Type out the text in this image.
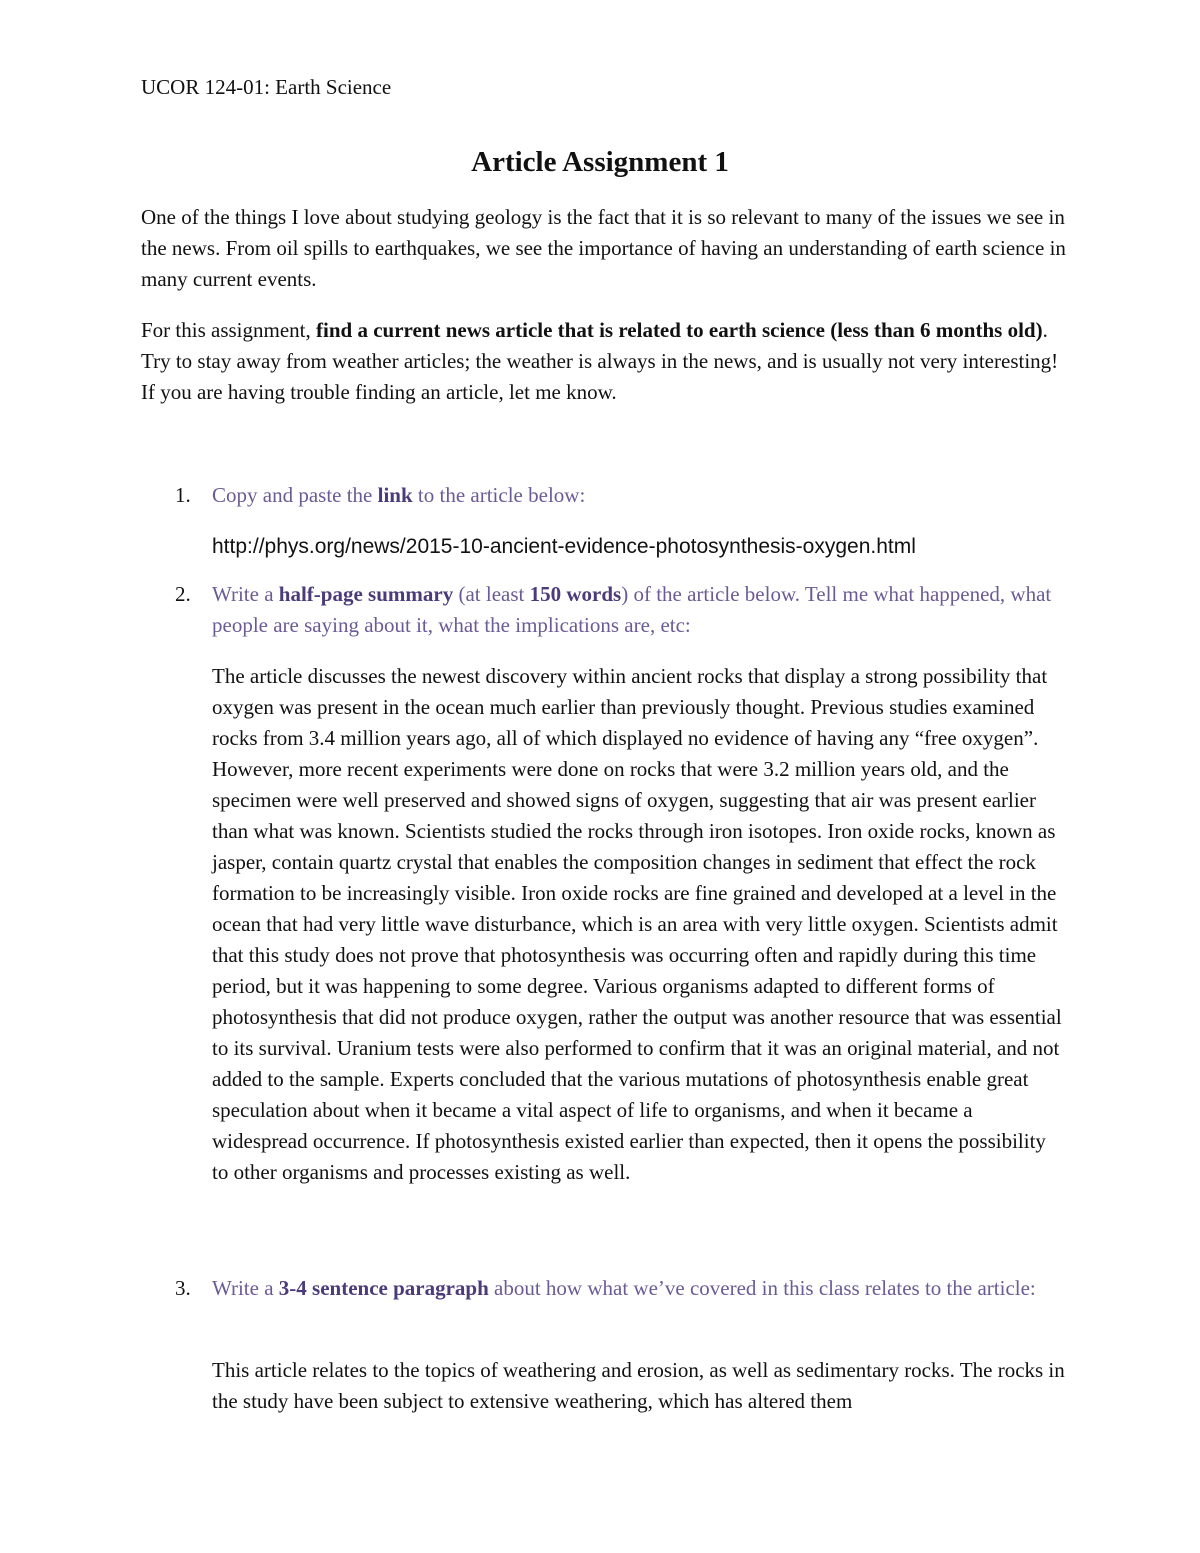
UCOR 124-01: Earth Science
Article Assignment 1
One of the things I love about studying geology is the fact that it is so relevant to many of the issues we see in the news. From oil spills to earthquakes, we see the importance of having an understanding of earth science in many current events.
For this assignment, find a current news article that is related to earth science (less than 6 months old). Try to stay away from weather articles; the weather is always in the news, and is usually not very interesting! If you are having trouble finding an article, let me know.
1. Copy and paste the link to the article below:
http://phys.org/news/2015-10-ancient-evidence-photosynthesis-oxygen.html
2. Write a half-page summary (at least 150 words) of the article below. Tell me what happened, what people are saying about it, what the implications are, etc:
The article discusses the newest discovery within ancient rocks that display a strong possibility that oxygen was present in the ocean much earlier than previously thought. Previous studies examined rocks from 3.4 million years ago, all of which displayed no evidence of having any “free oxygen”. However, more recent experiments were done on rocks that were 3.2 million years old, and the specimen were well preserved and showed signs of oxygen, suggesting that air was present earlier than what was known. Scientists studied the rocks through iron isotopes. Iron oxide rocks, known as jasper, contain quartz crystal that enables the composition changes in sediment that effect the rock formation to be increasingly visible. Iron oxide rocks are fine grained and developed at a level in the ocean that had very little wave disturbance, which is an area with very little oxygen. Scientists admit that this study does not prove that photosynthesis was occurring often and rapidly during this time period, but it was happening to some degree. Various organisms adapted to different forms of photosynthesis that did not produce oxygen, rather the output was another resource that was essential to its survival. Uranium tests were also performed to confirm that it was an original material, and not added to the sample. Experts concluded that the various mutations of photosynthesis enable great speculation about when it became a vital aspect of life to organisms, and when it became a widespread occurrence. If photosynthesis existed earlier than expected, then it opens the possibility to other organisms and processes existing as well.
3. Write a 3-4 sentence paragraph about how what we’ve covered in this class relates to the article:
This article relates to the topics of weathering and erosion, as well as sedimentary rocks. The rocks in the study have been subject to extensive weathering, which has altered them
